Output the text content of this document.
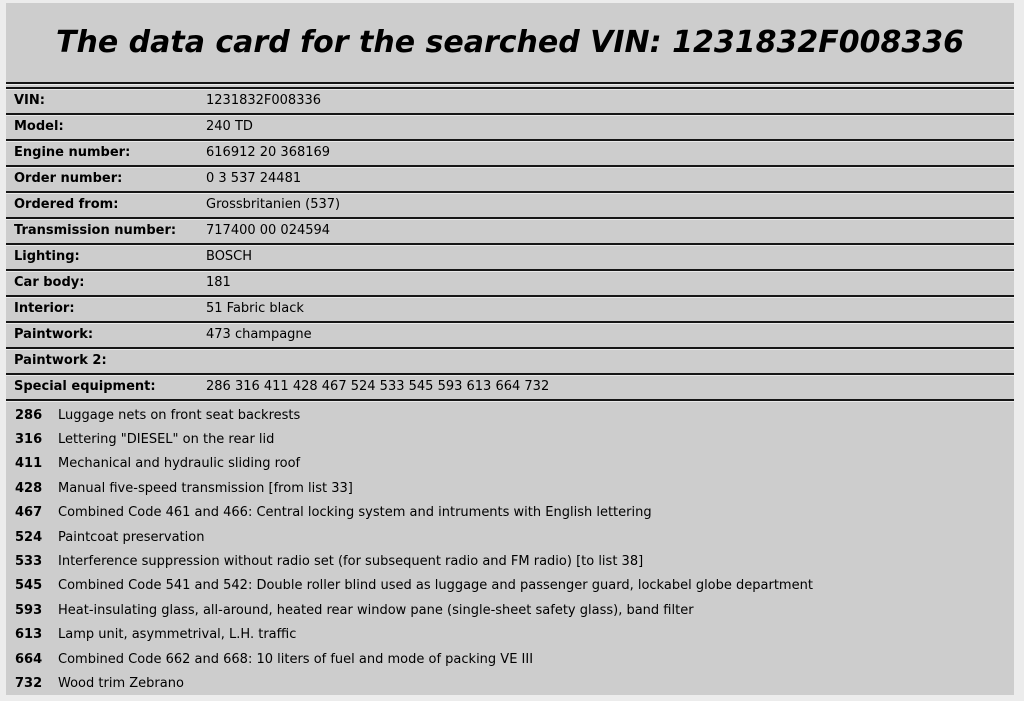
The data card for the searched VIN: 1231832F008336
VIN:	1231832F008336
Model:	240 TD
Engine number:	616912 20 368169
Order number:	0 3 537 24481
Ordered from:	Grossbritanien (537)
Transmission number:	717400 00 024594
Lighting:	BOSCH
Car body:	181
Interior:	51 Fabric black
Paintwork:	473 champagne
Paintwork 2:
Special equipment:	286 316 411 428 467 524 533 545 593 613 664 732
286	Luggage nets on front seat backrests
316	Lettering "DIESEL" on the rear lid
411	Mechanical and hydraulic sliding roof
428	Manual five-speed transmission [from list 33]
467	Combined Code 461 and 466: Central locking system and intruments with English lettering
524	Paintcoat preservation
533	Interference suppression without radio set (for subsequent radio and FM radio) [to list 38]
545	Combined Code 541 and 542: Double roller blind used as luggage and passenger guard, lockabel globe department
593	Heat-insulating glass, all-around, heated rear window pane (single-sheet safety glass), band filter
613	Lamp unit, asymmetrival, L.H. traffic
664	Combined Code 662 and 668: 10 liters of fuel and mode of packing VE III
732	Wood trim Zebrano
